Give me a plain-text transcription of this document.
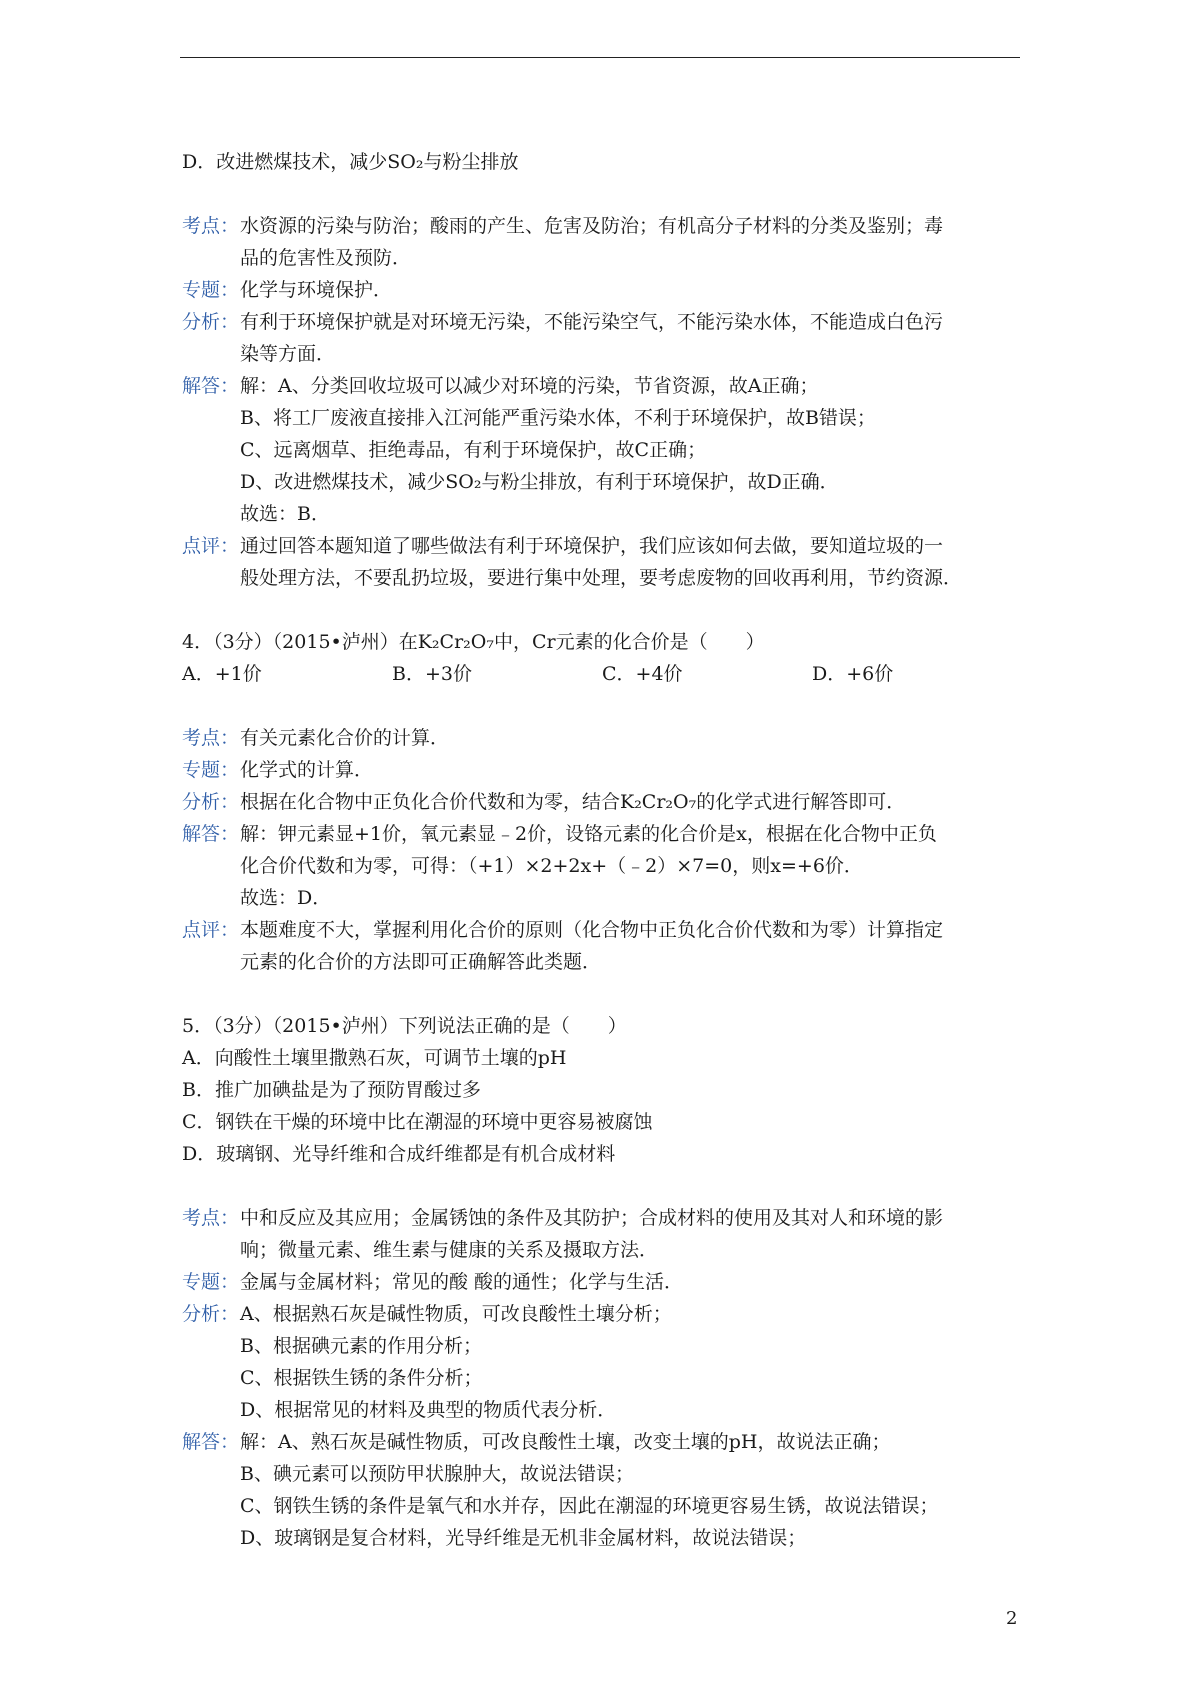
D．改进燃煤技术，减少SO₂与粉尘排放
考点： 水资源的污染与防治；酸雨的产生、危害及防治；有机高分子材料的分类及鉴别；毒
品的危害性及预防．
专题： 化学与环境保护．
分析： 有利于环境保护就是对环境无污染，不能污染空气，不能污染水体，不能造成白色污
染等方面．
解答： 解：A、分类回收垃圾可以减少对环境的污染，节省资源，故A正确；
B、将工厂废液直接排入江河能严重污染水体，不利于环境保护，故B错误；
C、远离烟草、拒绝毒品，有利于环境保护，故C正确；
D、改进燃煤技术，减少SO₂与粉尘排放，有利于环境保护，故D正确．
故选：B．
点评： 通过回答本题知道了哪些做法有利于环境保护，我们应该如何去做，要知道垃圾的一
般处理方法，不要乱扔垃圾，要进行集中处理，要考虑废物的回收再利用，节约资源．
4．（3分）（2015•泸州）在K₂Cr₂O₇中，Cr元素的化合价是（　　）
A．+1价	B．+3价	C．+4价	D．+6价
考点： 有关元素化合价的计算．
专题： 化学式的计算．
分析： 根据在化合物中正负化合价代数和为零，结合K₂Cr₂O₇的化学式进行解答即可．
解答： 解：钾元素显+1价，氧元素显﹣2价，设铬元素的化合价是x，根据在化合物中正负
化合价代数和为零，可得：（+1）×2+2x+（﹣2）×7=0，则x=+6价．
故选：D．
点评： 本题难度不大，掌握利用化合价的原则（化合物中正负化合价代数和为零）计算指定
元素的化合价的方法即可正确解答此类题．
5．（3分）（2015•泸州）下列说法正确的是（　　）
A．向酸性土壤里撒熟石灰，可调节土壤的pH
B．推广加碘盐是为了预防胃酸过多
C．钢铁在干燥的环境中比在潮湿的环境中更容易被腐蚀
D．玻璃钢、光导纤维和合成纤维都是有机合成材料
考点： 中和反应及其应用；金属锈蚀的条件及其防护；合成材料的使用及其对人和环境的影
响；微量元素、维生素与健康的关系及摄取方法．
专题： 金属与金属材料；常见的酸 酸的通性；化学与生活．
分析： A、根据熟石灰是碱性物质，可改良酸性土壤分析；
B、根据碘元素的作用分析；
C、根据铁生锈的条件分析；
D、根据常见的材料及典型的物质代表分析．
解答： 解：A、熟石灰是碱性物质，可改良酸性土壤，改变土壤的pH，故说法正确；
B、碘元素可以预防甲状腺肿大，故说法错误；
C、钢铁生锈的条件是氧气和水并存，因此在潮湿的环境更容易生锈，故说法错误；
D、玻璃钢是复合材料，光导纤维是无机非金属材料，故说法错误；
2
